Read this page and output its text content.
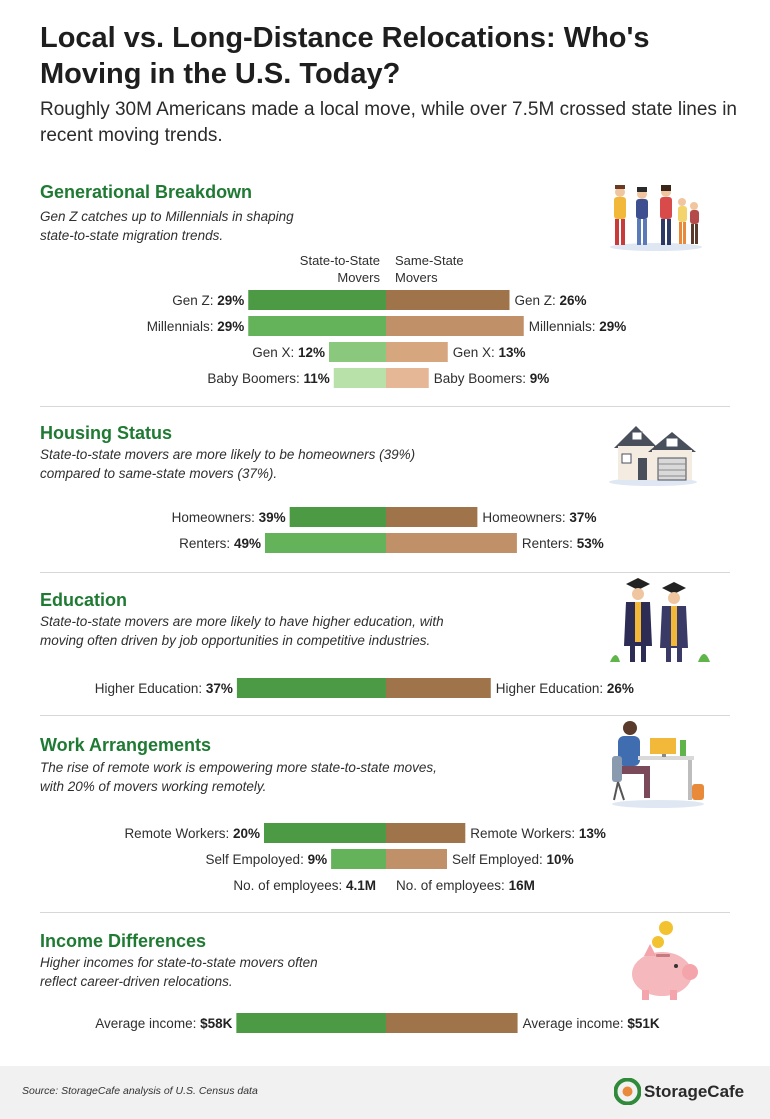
Local vs. Long-Distance Relocations: Who's Moving in the U.S. Today?
Roughly 30M Americans made a local move, while over 7.5M crossed state lines in recent moving trends.
Generational Breakdown
Gen Z catches up to Millennials in shaping state-to-state migration trends.
State-to-State Movers
Same-State Movers
Gen Z: 29%	Gen Z: 26%
Millennials: 29%	Millennials: 29%
Gen X: 12%	Gen X: 13%
Baby Boomers: 11%	Baby Boomers: 9%
Housing Status
State-to-state movers are more likely to be homeowners (39%) compared to same-state movers (37%).
Homeowners: 39%	Homeowners: 37%
Renters: 49%	Renters: 53%
Education
State-to-state movers are more likely to have higher education, with moving often driven by job opportunities in competitive industries.
Higher Education: 37%	Higher Education: 26%
Work Arrangements
The rise of remote work is empowering more state-to-state moves, with 20% of movers working remotely.
Remote Workers: 20%	Remote Workers: 13%
Self Empoloyed: 9%	Self Employed: 10%
No. of employees: 4.1M No. of employees: 16M
Income Differences
Higher incomes for state-to-state movers often reflect career-driven relocations.
Average income: $58K	Average income: $51K
Source: StorageCafe analysis of U.S. Census data	StorageCafe
